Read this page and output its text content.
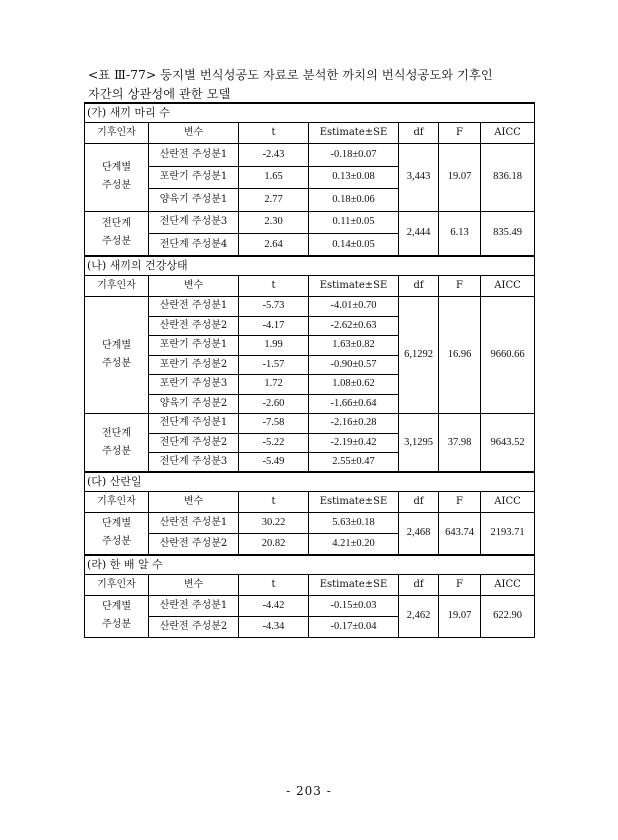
<표 Ⅲ-77> 둥지별 번식성공도 자료로 분석한 까치의 번식성공도와 기후인
자간의 상관성에 관한 모델
(가) 새끼 마리 수						
기후인자	변수	t	Estimate±SE	df	F	AICC

단계별
주성분	산란전 주성분1	-2.43	-0.18±0.07	3,443	19.07	836.18
	포란기 주성분1	1.65	0.13±0.08			
	양육기 주성분1	2.77	0.18±0.06			

전단계
주성분	전단계 주성분3	2.30	0.11±0.05	2,444	6.13	835.49
	전단계 주성분4	2.64	0.14±0.05			
(나) 새끼의 건강상태						
기후인자	변수	t	Estimate±SE	df	F	AICC

단계별
주성분	산란전 주성분1	-5.73	-4.01±0.70	6,1292	16.96	9660.66
	산란전 주성분2	-4.17	-2.62±0.63			
	포란기 주성분1	1.99	1.63±0.82			
	포란기 주성분2	-1.57	-0.90±0.57			
	포란기 주성분3	1.72	1.08±0.62			
	양육기 주성분2	-2.60	-1.66±0.64			

전단계
주성분	전단계 주성분1	-7.58	-2.16±0.28	3,1295	37.98	9643.52
	전단계 주성분2	-5.22	-2.19±0.42			
	전단계 주성분3	-5.49	2.55±0.47			
(다) 산란일						
기후인자	변수	t	Estimate±SE	df	F	AICC

단계별
주성분	산란전 주성분1	30.22	5.63±0.18	2,468	643.74	2193.71
	산란전 주성분2	20.82	4.21±0.20			
(라) 한 배 알 수						
기후인자	변수	t	Estimate±SE	df	F	AICC

단계별
주성분	산란전 주성분1	-4.42	-0.15±0.03	2,462	19.07	622.90
	산란전 주성분2	-4.34	-0.17±0.04			
- 203 -
